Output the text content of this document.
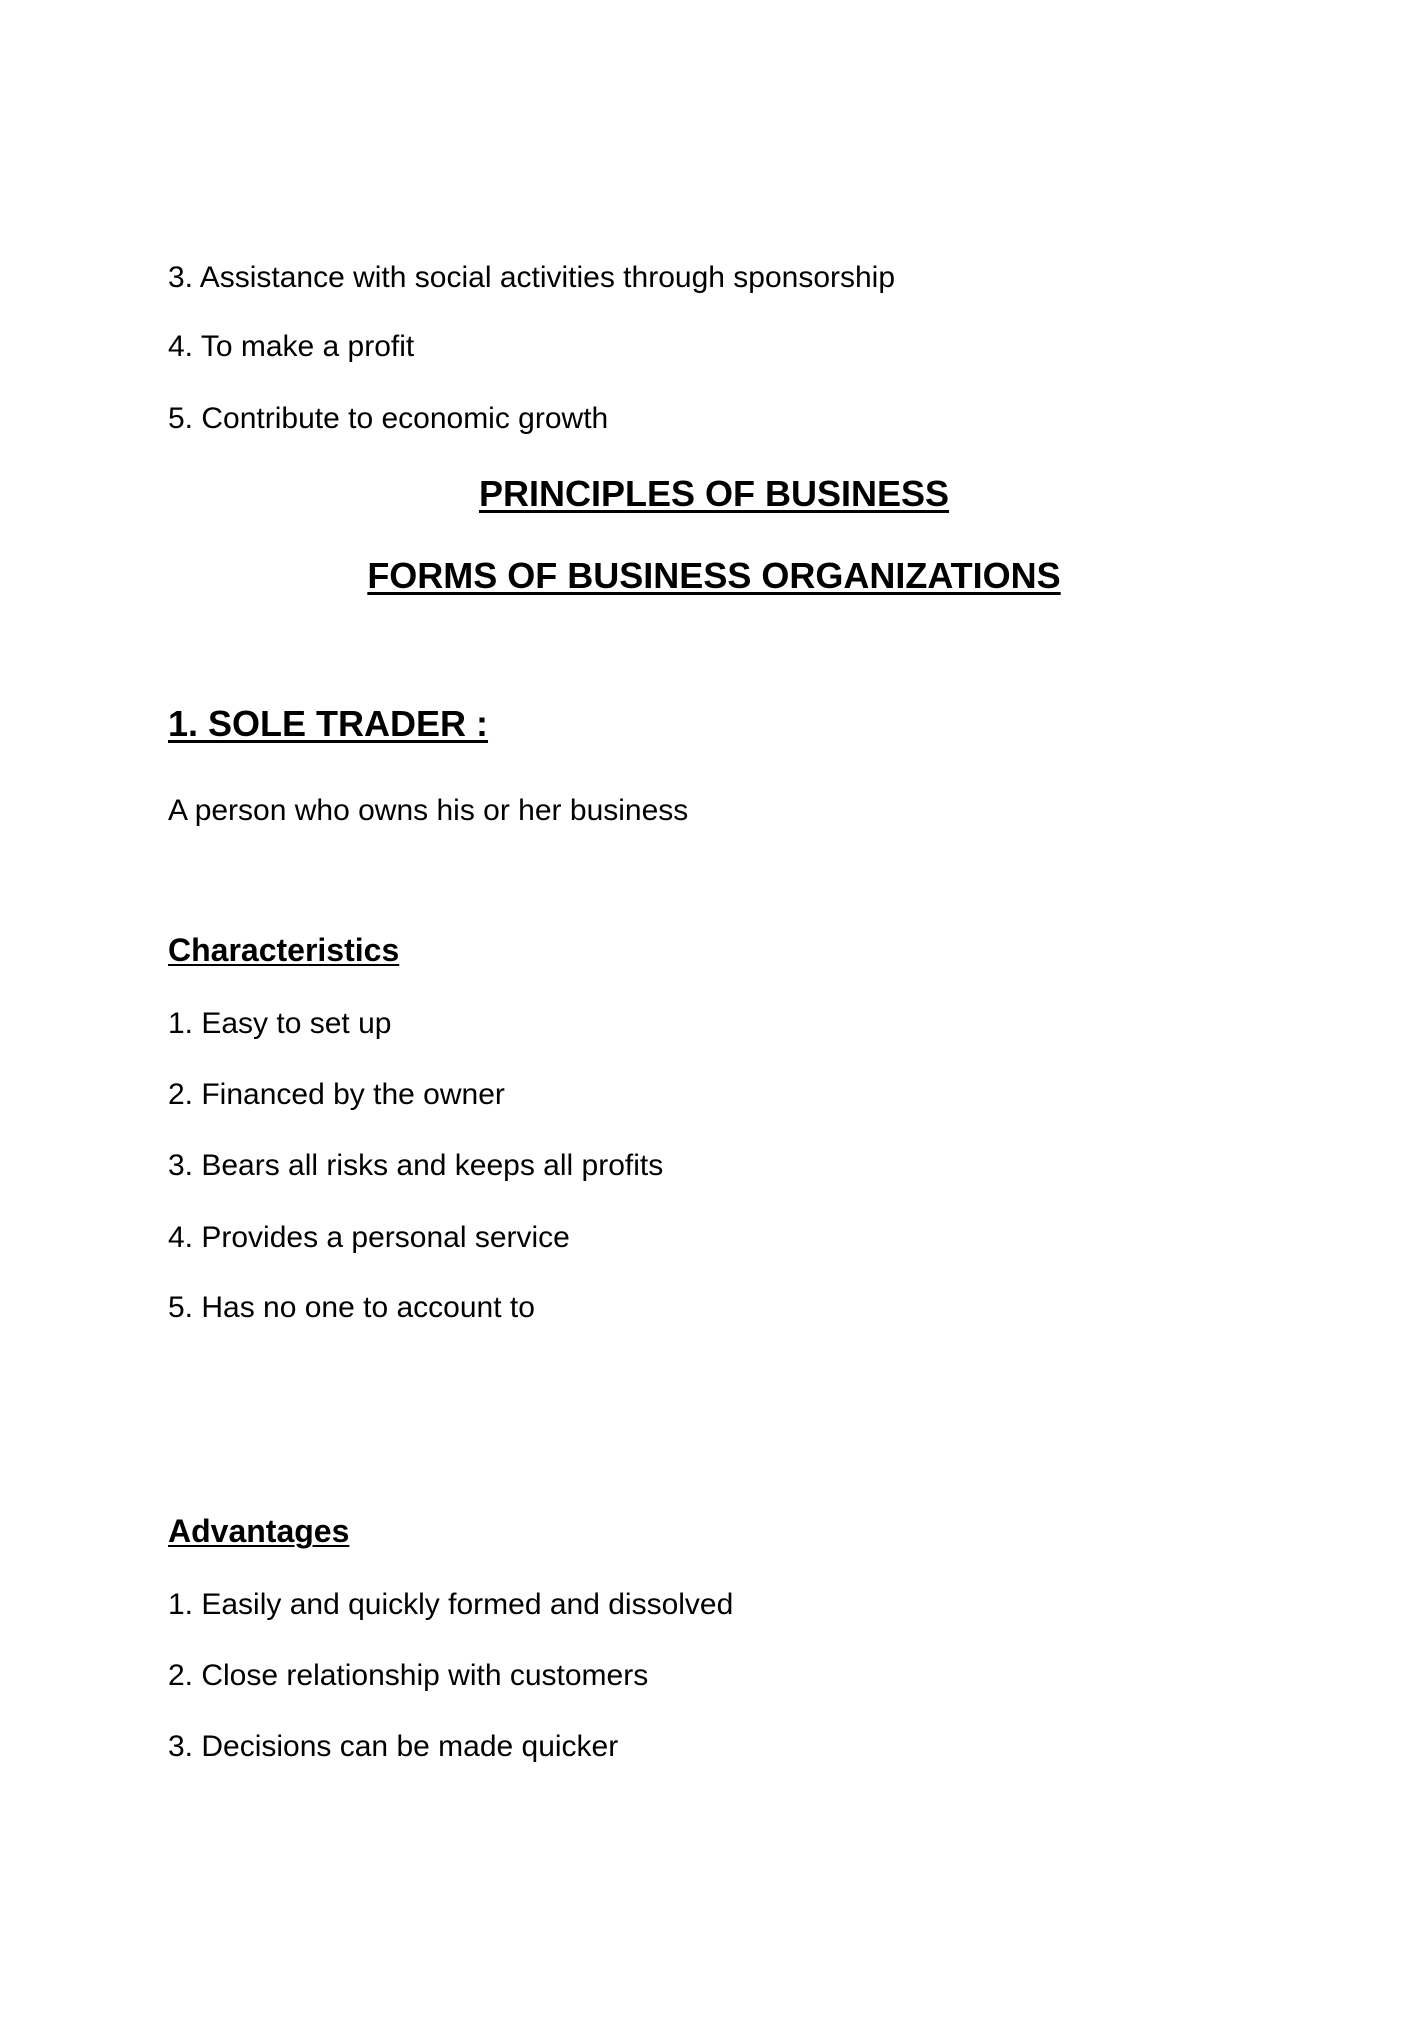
3. Assistance with social activities through sponsorship
4. To make a profit
5. Contribute to economic growth
PRINCIPLES OF BUSINESS
FORMS OF BUSINESS ORGANIZATIONS
1. SOLE TRADER :
A person who owns his or her business
Characteristics
1. Easy to set up
2. Financed by the owner
3. Bears all risks and keeps all profits
4. Provides a personal service
5. Has no one to account to
Advantages
1. Easily and quickly formed and dissolved
2. Close relationship with customers
3. Decisions can be made quicker
